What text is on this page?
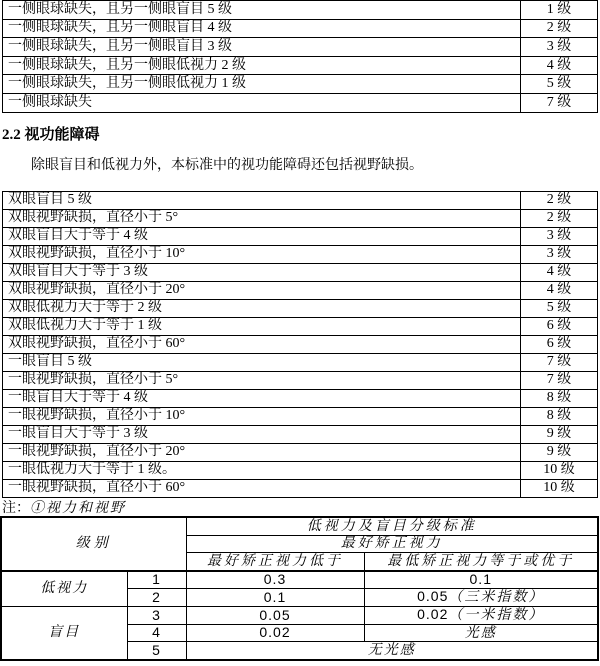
一侧眼球缺失，且另一侧眼盲目 5 级	1 级
一侧眼球缺失，且另一侧眼盲目 4 级	2 级
一侧眼球缺失，且另一侧眼盲目 3 级	3 级
一侧眼球缺失，且另一侧眼低视力 2 级	4 级
一侧眼球缺失，且另一侧眼低视力 1 级	5 级
一侧眼球缺失	7 级
2.2 视功能障碍
除眼盲目和低视力外，本标准中的视功能障碍还包括视野缺损。
双眼盲目 5 级	2 级
双眼视野缺损，直径小于 5°	2 级
双眼盲目大于等于 4 级	3 级
双眼视野缺损，直径小于 10°	3 级
双眼盲目大于等于 3 级	4 级
双眼视野缺损，直径小于 20°	4 级
双眼低视力大于等于 2 级	5 级
双眼低视力大于等于 1 级	6 级
双眼视野缺损，直径小于 60°	6 级
一眼盲目 5 级	7 级
一眼视野缺损，直径小于 5°	7 级
一眼盲目大于等于 4 级	8 级
一眼视野缺损，直径小于 10°	8 级
一眼盲目大于等于 3 级	9 级
一眼视野缺损，直径小于 20°	9 级
一眼低视力大于等于 1 级。	10 级
一眼视野缺损，直径小于 60°	10 级
注：①视力和视野
级别		低视力及盲目分级标准	
		最好矫正视力	
		最好矫正视力低于	最低矫正视力等于或优于
低视力	1	0.3	0.1
	2	0.1	0.05（三米指数）
盲目	3	0.05	0.02（一米指数）
	4	0.02	光感
	5	无光感	
